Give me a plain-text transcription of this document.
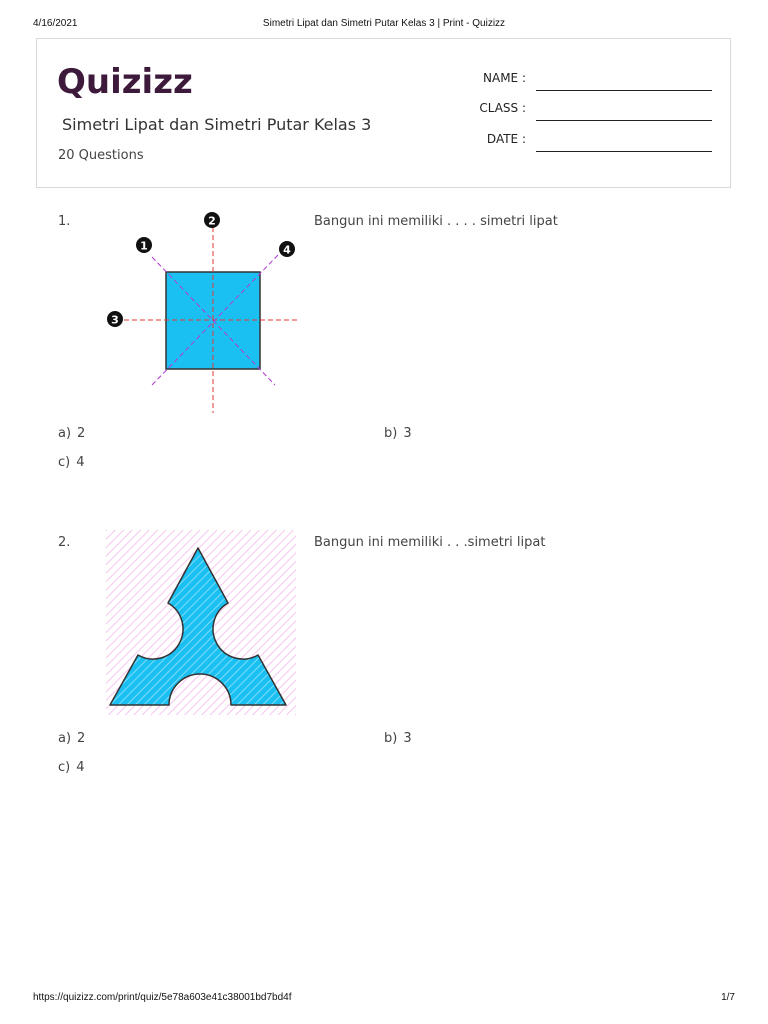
4/16/2021	Simetri Lipat dan Simetri Putar Kelas 3 | Print - Quizizz
Quizizz
Simetri Lipat dan Simetri Putar Kelas 3
20 Questions
NAME :
CLASS :
DATE :
1.	Bangun ini memiliki . . . . simetri lipat
1
2
3
4
a) 2	b) 3
c) 4
2.	Bangun ini memiliki . . .simetri lipat
a) 2	b) 3
c) 4
https://quizizz.com/print/quiz/5e78a603e41c38001bd7bd4f	1/7
